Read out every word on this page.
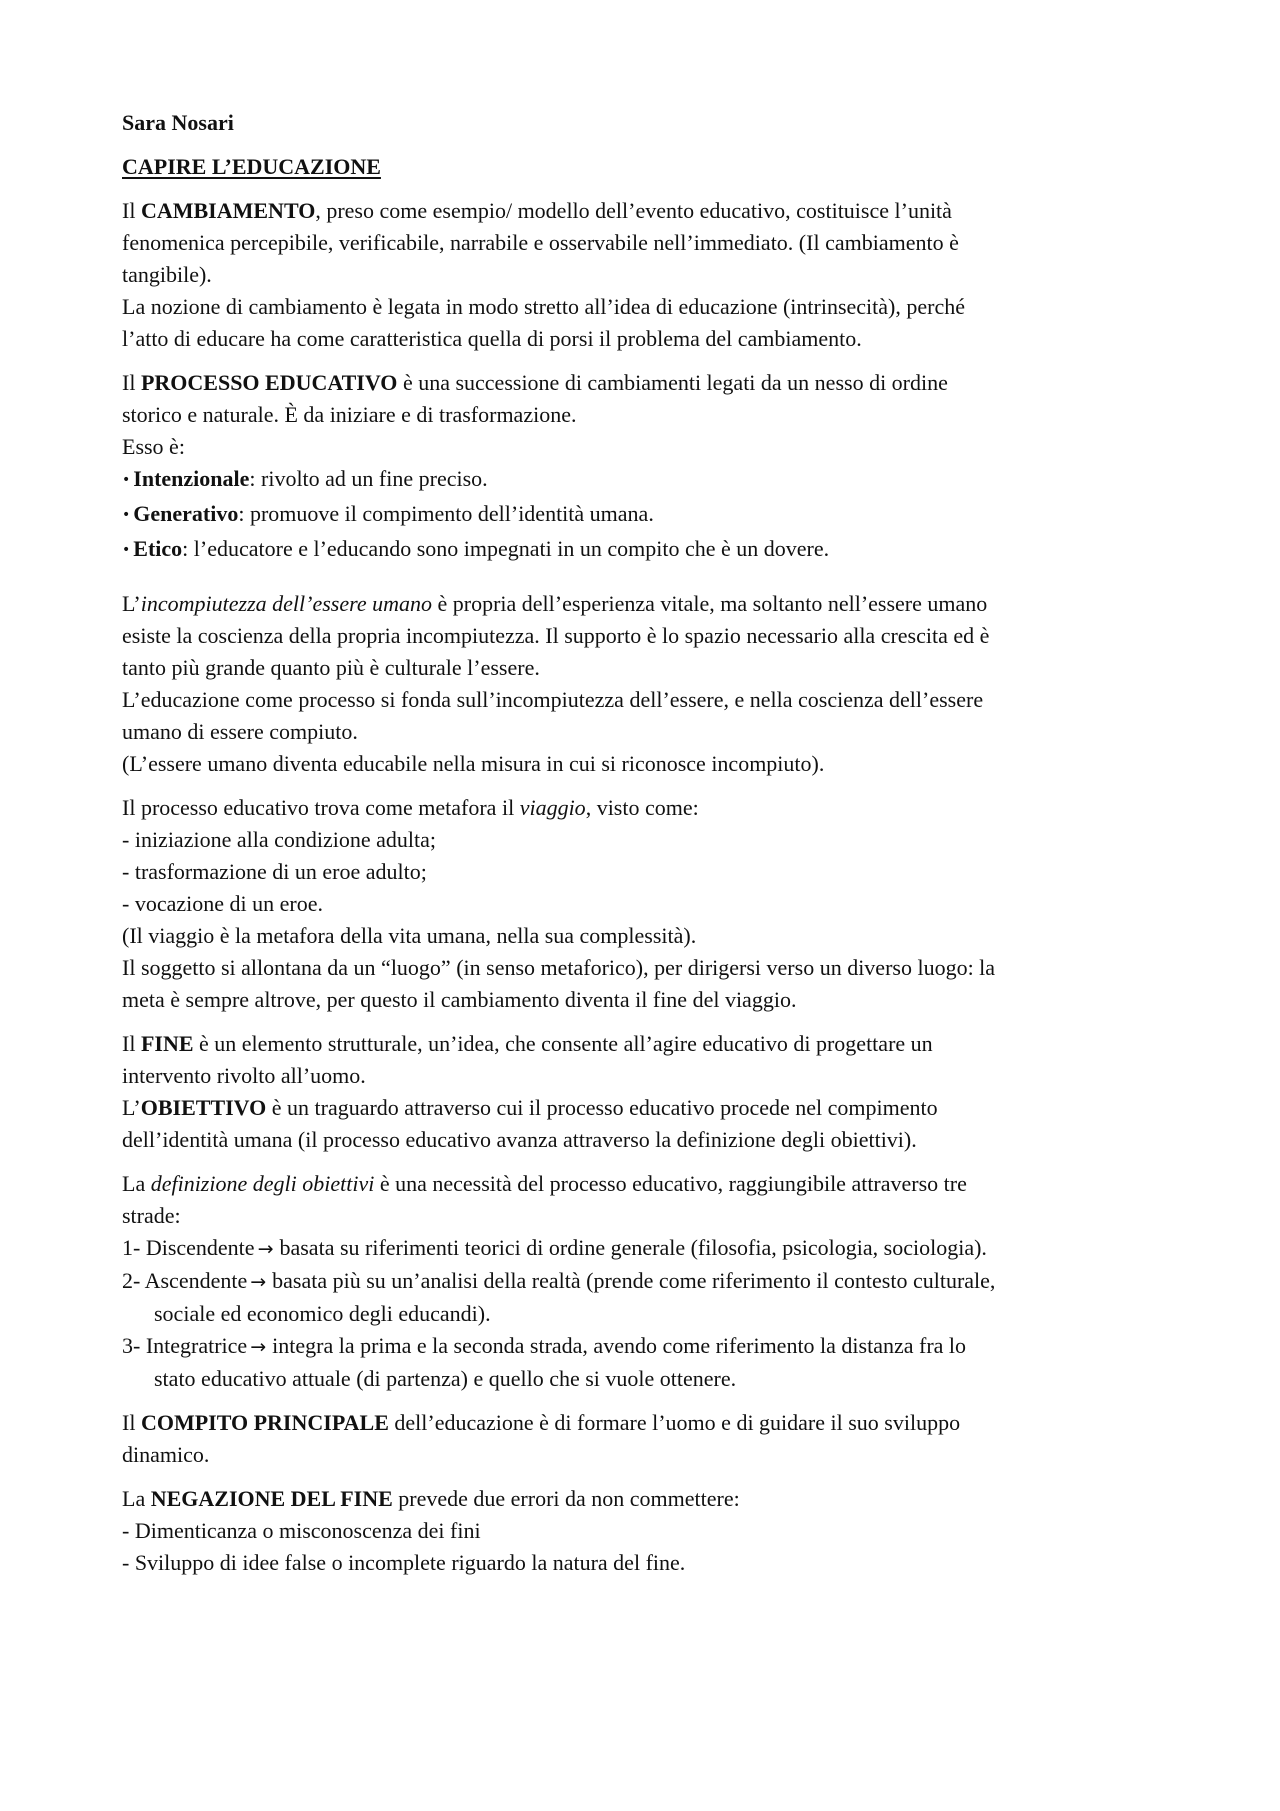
Sara Nosari
CAPIRE L’EDUCAZIONE
Il CAMBIAMENTO, preso come esempio/ modello dell’evento educativo, costituisce l’unità
fenomenica percepibile, verificabile, narrabile e osservabile nell’immediato. (Il cambiamento è
tangibile).
La nozione di cambiamento è legata in modo stretto all’idea di educazione (intrinsecità), perché
l’atto di educare ha come caratteristica quella di porsi il problema del cambiamento.
Il PROCESSO EDUCATIVO è una successione di cambiamenti legati da un nesso di ordine
storico e naturale. È da iniziare e di trasformazione.
Esso è:
• Intenzionale: rivolto ad un fine preciso.
• Generativo: promuove il compimento dell’identità umana.
• Etico: l’educatore e l’educando sono impegnati in un compito che è un dovere.
L’incompiutezza dell’essere umano è propria dell’esperienza vitale, ma soltanto nell’essere umano
esiste la coscienza della propria incompiutezza. Il supporto è lo spazio necessario alla crescita ed è
tanto più grande quanto più è culturale l’essere.
L’educazione come processo si fonda sull’incompiutezza dell’essere, e nella coscienza dell’essere
umano di essere compiuto.
(L’essere umano diventa educabile nella misura in cui si riconosce incompiuto).
Il processo educativo trova come metafora il viaggio, visto come:
- iniziazione alla condizione adulta;
- trasformazione di un eroe adulto;
- vocazione di un eroe.
(Il viaggio è la metafora della vita umana, nella sua complessità).
Il soggetto si allontana da un “luogo” (in senso metaforico), per dirigersi verso un diverso luogo: la
meta è sempre altrove, per questo il cambiamento diventa il fine del viaggio.
Il FINE è un elemento strutturale, un’idea, che consente all’agire educativo di progettare un
intervento rivolto all’uomo.
L’OBIETTIVO è un traguardo attraverso cui il processo educativo procede nel compimento
dell’identità umana (il processo educativo avanza attraverso la definizione degli obiettivi).
La definizione degli obiettivi è una necessità del processo educativo, raggiungibile attraverso tre
strade:
1- Discendente → basata su riferimenti teorici di ordine generale (filosofia, psicologia, sociologia).
2- Ascendente → basata più su un’analisi della realtà (prende come riferimento il contesto culturale,
sociale ed economico degli educandi).
3- Integratrice → integra la prima e la seconda strada, avendo come riferimento la distanza fra lo
stato educativo attuale (di partenza) e quello che si vuole ottenere.
Il COMPITO PRINCIPALE dell’educazione è di formare l’uomo e di guidare il suo sviluppo
dinamico.
La NEGAZIONE DEL FINE prevede due errori da non commettere:
- Dimenticanza o misconoscenza dei fini
- Sviluppo di idee false o incomplete riguardo la natura del fine.
